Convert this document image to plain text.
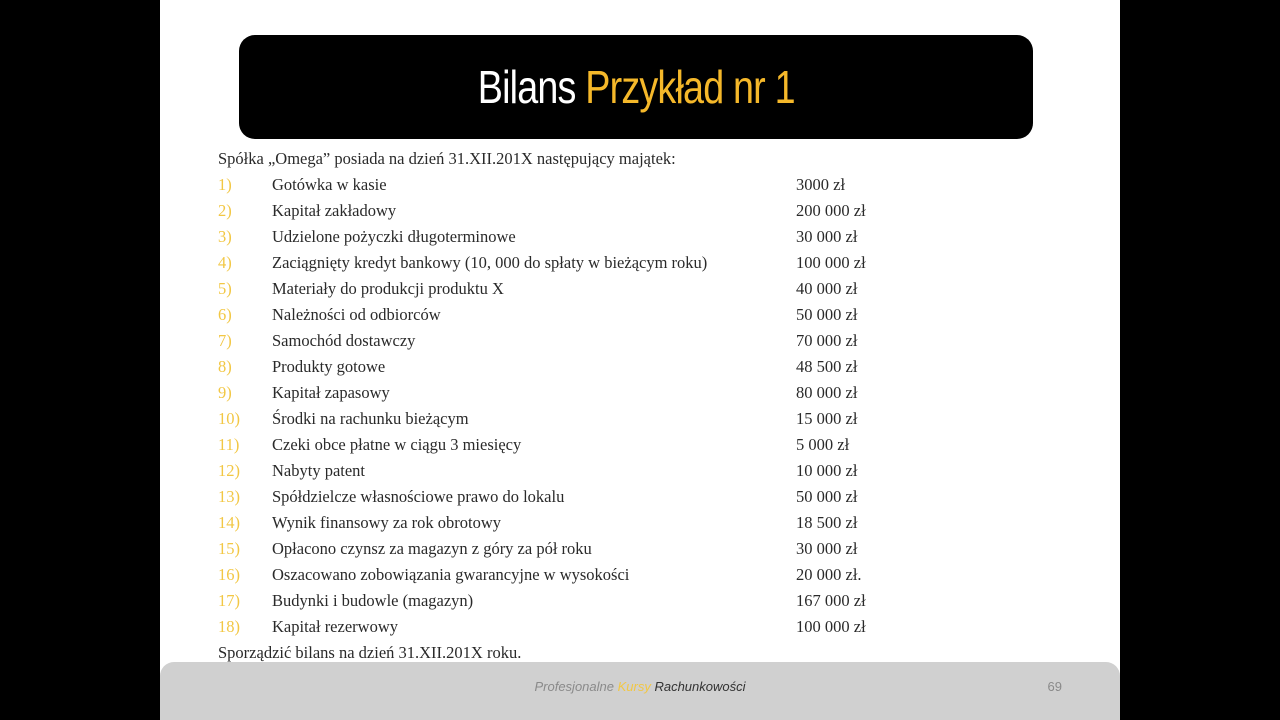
Bilans Przykład nr 1
Spółka „Omega” posiada na dzień 31.XII.201X następujący majątek:
1) Gotówka w kasie	3000 zł
2) Kapitał zakładowy	200 000 zł
3) Udzielone pożyczki długoterminowe	30 000 zł
4) Zaciągnięty kredyt bankowy (10, 000 do spłaty w bieżącym roku)	100 000 zł
5) Materiały do produkcji produktu X	40 000 zł
6) Należności od odbiorców	50 000 zł
7) Samochód dostawczy	70 000 zł
8) Produkty gotowe	48 500 zł
9) Kapitał zapasowy	80 000 zł
10) Środki na rachunku bieżącym	15 000 zł
11) Czeki obce płatne w ciągu 3 miesięcy	5 000 zł
12) Nabyty patent	10 000 zł
13) Spółdzielcze własnościowe prawo do lokalu	50 000 zł
14) Wynik finansowy za rok obrotowy	18 500 zł
15) Opłacono czynsz za magazyn z góry za pół roku	30 000 zł
16) Oszacowano zobowiązania gwarancyjne w wysokości	20 000 zł.
17) Budynki i budowle (magazyn)	167 000 zł
18) Kapitał rezerwowy	100 000 zł
Sporządzić bilans na dzień 31.XII.201X roku.
Profesjonalne Kursy Rachunkowości	69
